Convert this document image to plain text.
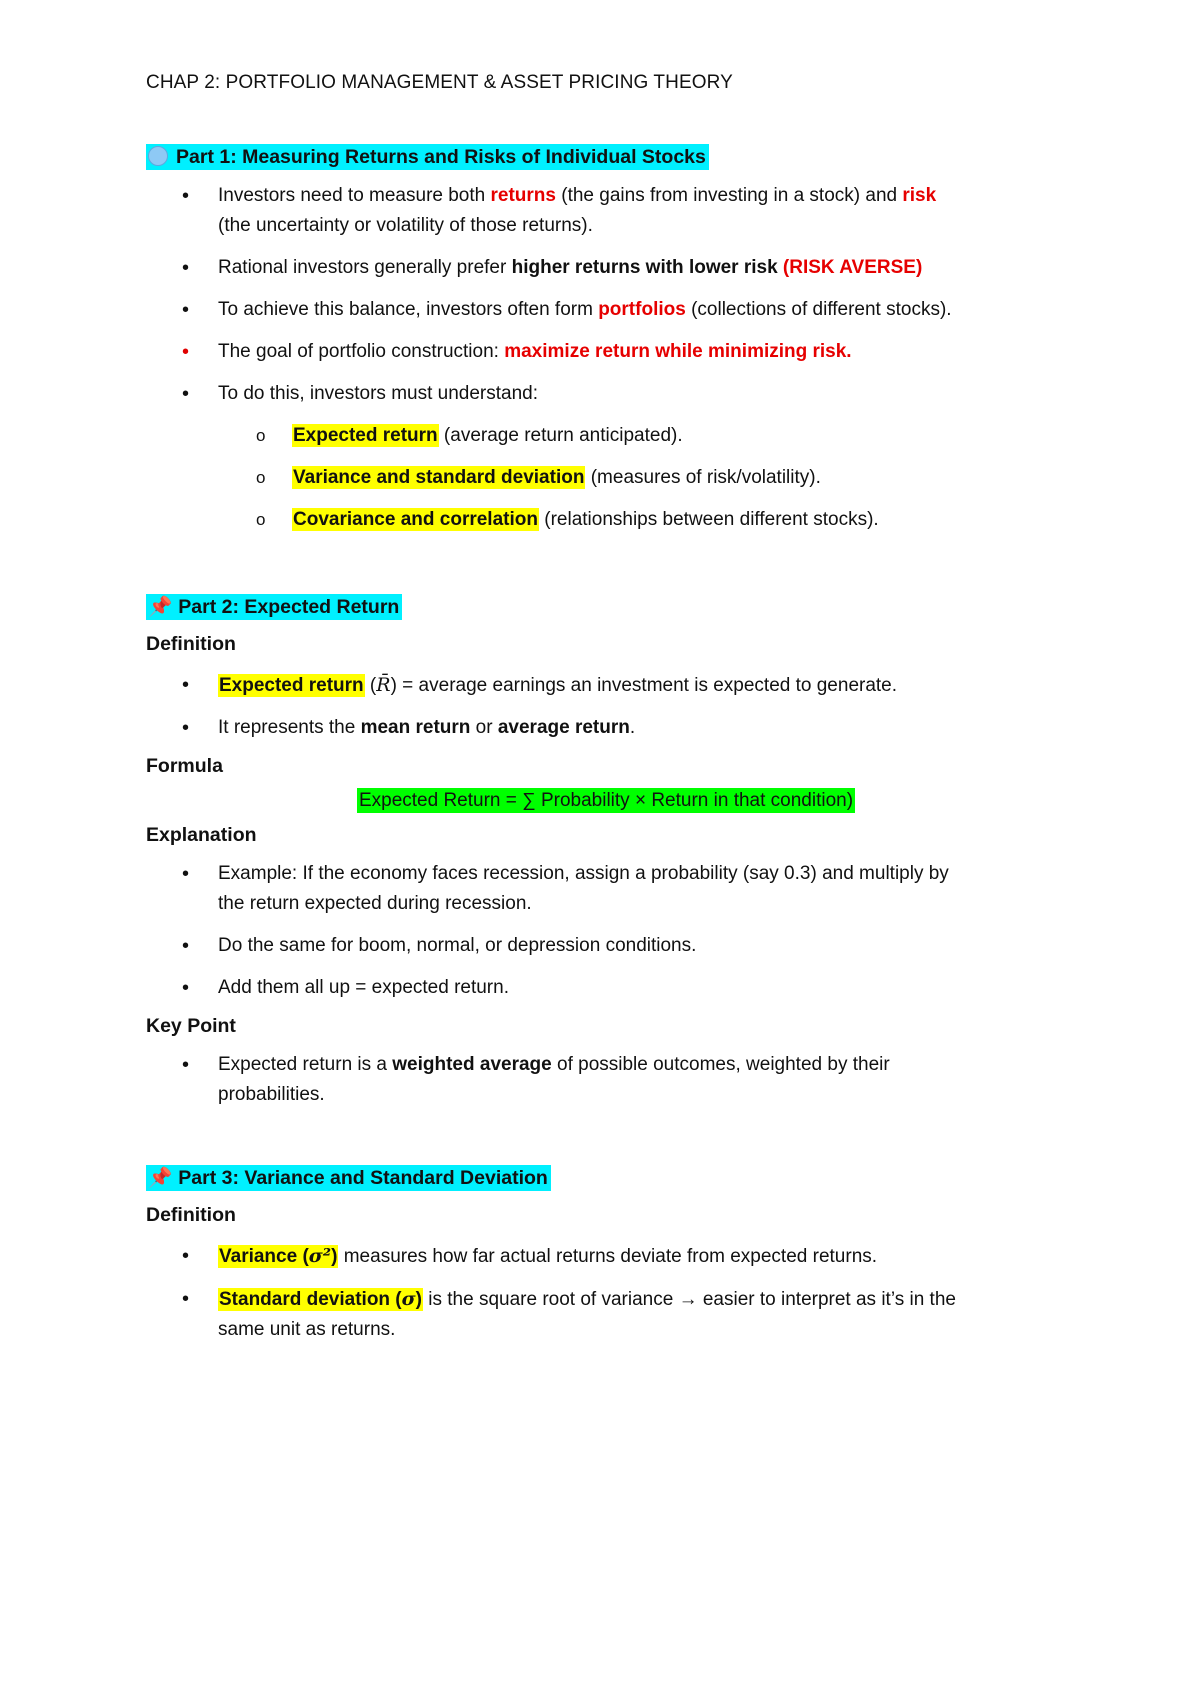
CHAP 2: PORTFOLIO MANAGEMENT & ASSET PRICING THEORY

Part 1: Measuring Returns and Risks of Individual Stocks

• Investors need to measure both returns (the gains from investing in a stock) and risk
(the uncertainty or volatility of those returns).
• Rational investors generally prefer higher returns with lower risk (RISK AVERSE)
• To achieve this balance, investors often form portfolios (collections of different stocks).
• The goal of portfolio construction: maximize return while minimizing risk.
• To do this, investors must understand:
o Expected return (average return anticipated).
o Variance and standard deviation (measures of risk/volatility).
o Covariance and correlation (relationships between different stocks).

📌 Part 2: Expected Return

Definition

• Expected return (R̄) = average earnings an investment is expected to generate.
• It represents the mean return or average return.

Formula

Expected Return = ∑ Probability × Return in that condition)

Explanation

• Example: If the economy faces recession, assign a probability (say 0.3) and multiply by
the return expected during recession.
• Do the same for boom, normal, or depression conditions.
• Add them all up = expected return.

Key Point

• Expected return is a weighted average of possible outcomes, weighted by their
probabilities.

📌 Part 3: Variance and Standard Deviation

Definition

• Variance (σ²) measures how far actual returns deviate from expected returns.
• Standard deviation (σ) is the square root of variance → easier to interpret as it’s in the
same unit as returns.
